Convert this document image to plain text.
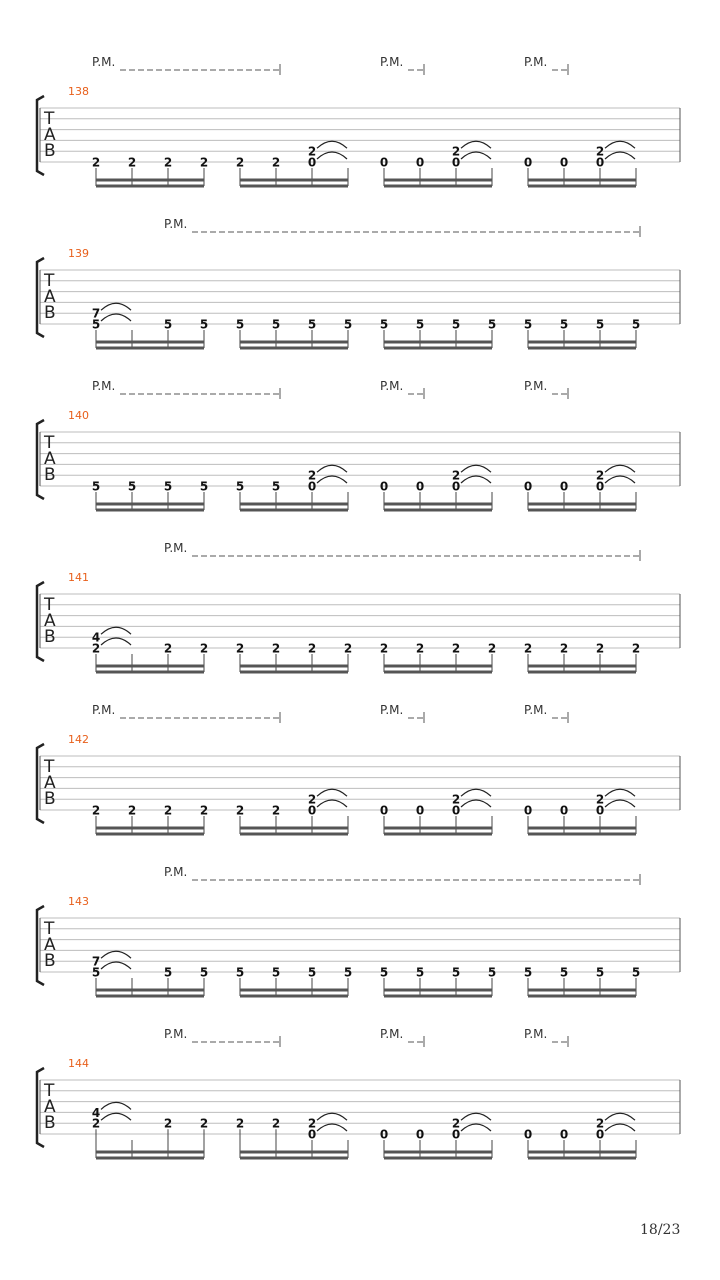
P.M.	P.M.	P.M.
138
T
A
B
2 2 2 2 2 2
2
0	0 0
2
0	0 0
2
0
P.M.
139
T
A
B	7
5	5 5 5 5 5 5 5 5 5 5 5 5 5 5
P.M.	P.M.	P.M.
140
T
A
B
5 5 5 5 5 5
2
0	0 0
2
0	0 0
2
0
P.M.
141
T
A
B	4
2	2 2 2 2 2 2 2 2 2 2 2 2 2 2
P.M.	P.M.	P.M.
142
T
A
B
2 2 2 2 2 2
2
0	0 0
2
0	0 0
2
0
P.M.
143
T
A
B	7
5	5 5 5 5 5 5 5 5 5 5 5 5 5 5
P.M.	P.M.	P.M.
144
T
A
B
4
2	2 2 2 2 2
0	0 0
2
0	0 0
2
0
18/23
